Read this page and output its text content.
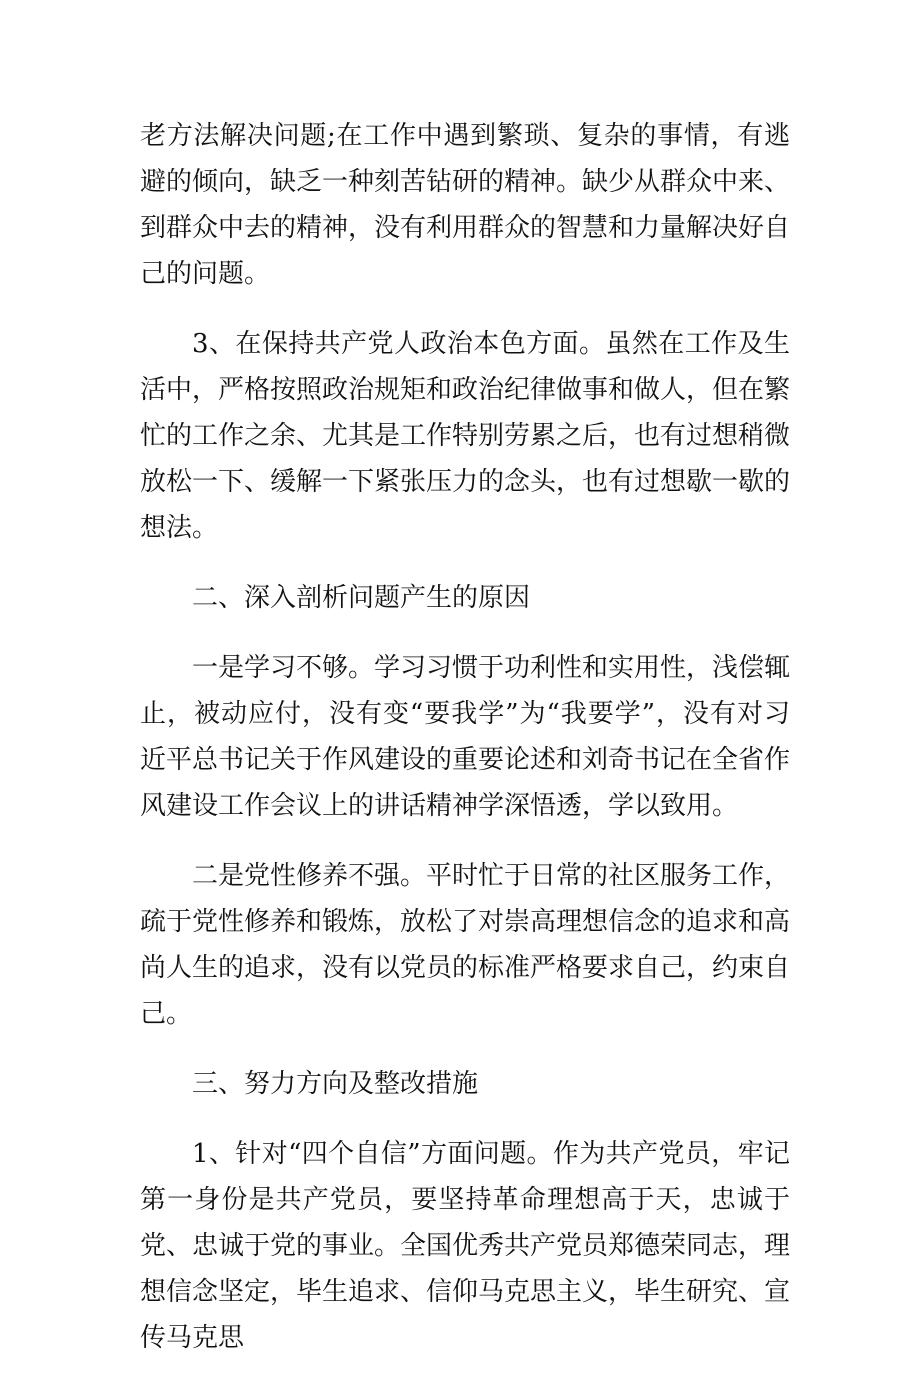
老方法解决问题;在工作中遇到繁琐、复杂的事情，有逃避的倾向，缺乏一种刻苦钻研的精神。缺少从群众中来、到群众中去的精神，没有利用群众的智慧和力量解决好自己的问题。

3、在保持共产党人政治本色方面。虽然在工作及生活中，严格按照政治规矩和政治纪律做事和做人，但在繁忙的工作之余、尤其是工作特别劳累之后，也有过想稍微放松一下、缓解一下紧张压力的念头，也有过想歇一歇的想法。

二、深入剖析问题产生的原因

一是学习不够。学习习惯于功利性和实用性，浅偿辄止，被动应付，没有变“要我学”为“我要学”，没有对习近平总书记关于作风建设的重要论述和刘奇书记在全省作风建设工作会议上的讲话精神学深悟透，学以致用。

二是党性修养不强。平时忙于日常的社区服务工作，疏于党性修养和锻炼，放松了对崇高理想信念的追求和高尚人生的追求，没有以党员的标准严格要求自己，约束自己。

三、努力方向及整改措施

1、针对“四个自信”方面问题。作为共产党员，牢记第一身份是共产党员，要坚持革命理想高于天，忠诚于党、忠诚于党的事业。全国优秀共产党员郑德荣同志，理想信念坚定，毕生追求、信仰马克思主义，毕生研究、宣传马克思
